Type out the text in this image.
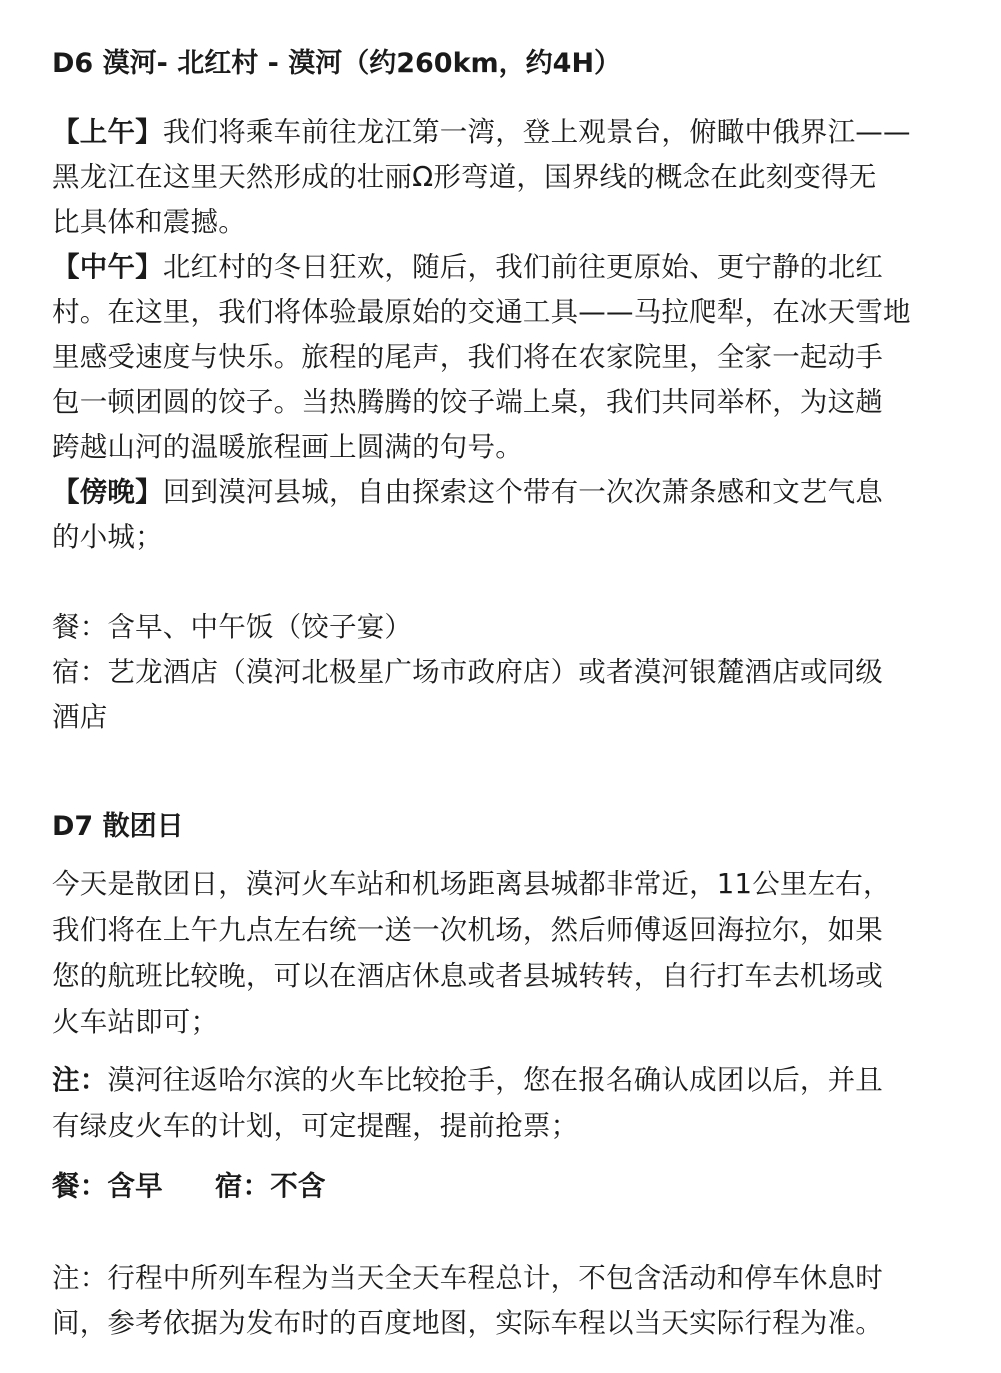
D6 漠河- 北红村 - 漠河（约260km，约4H）
【上午】我们将乘车前往龙江第一湾，登上观景台，俯瞰中俄界江——
黑龙江在这里天然形成的壮丽Ω形弯道，国界线的概念在此刻变得无
比具体和震撼。
【中午】北红村的冬日狂欢，随后，我们前往更原始、更宁静的北红
村。在这里，我们将体验最原始的交通工具——马拉爬犁，在冰天雪地
里感受速度与快乐。旅程的尾声，我们将在农家院里，全家一起动手
包一顿团圆的饺子。当热腾腾的饺子端上桌，我们共同举杯，为这趟
跨越山河的温暖旅程画上圆满的句号。
【傍晚】回到漠河县城，自由探索这个带有一次次萧条感和文艺气息
的小城；
餐：含早、中午饭（饺子宴）
宿：艺龙酒店（漠河北极星广场市政府店）或者漠河银麓酒店或同级
酒店
D7 散团日
今天是散团日，漠河火车站和机场距离县城都非常近，11公里左右，
我们将在上午九点左右统一送一次机场，然后师傅返回海拉尔，如果
您的航班比较晚，可以在酒店休息或者县城转转，自行打车去机场或
火车站即可；
注：漠河往返哈尔滨的火车比较抢手，您在报名确认成团以后，并且
有绿皮火车的计划，可定提醒，提前抢票；
餐：含早 宿：不含
注：行程中所列车程为当天全天车程总计，不包含活动和停车休息时
间，参考依据为发布时的百度地图，实际车程以当天实际行程为准。
